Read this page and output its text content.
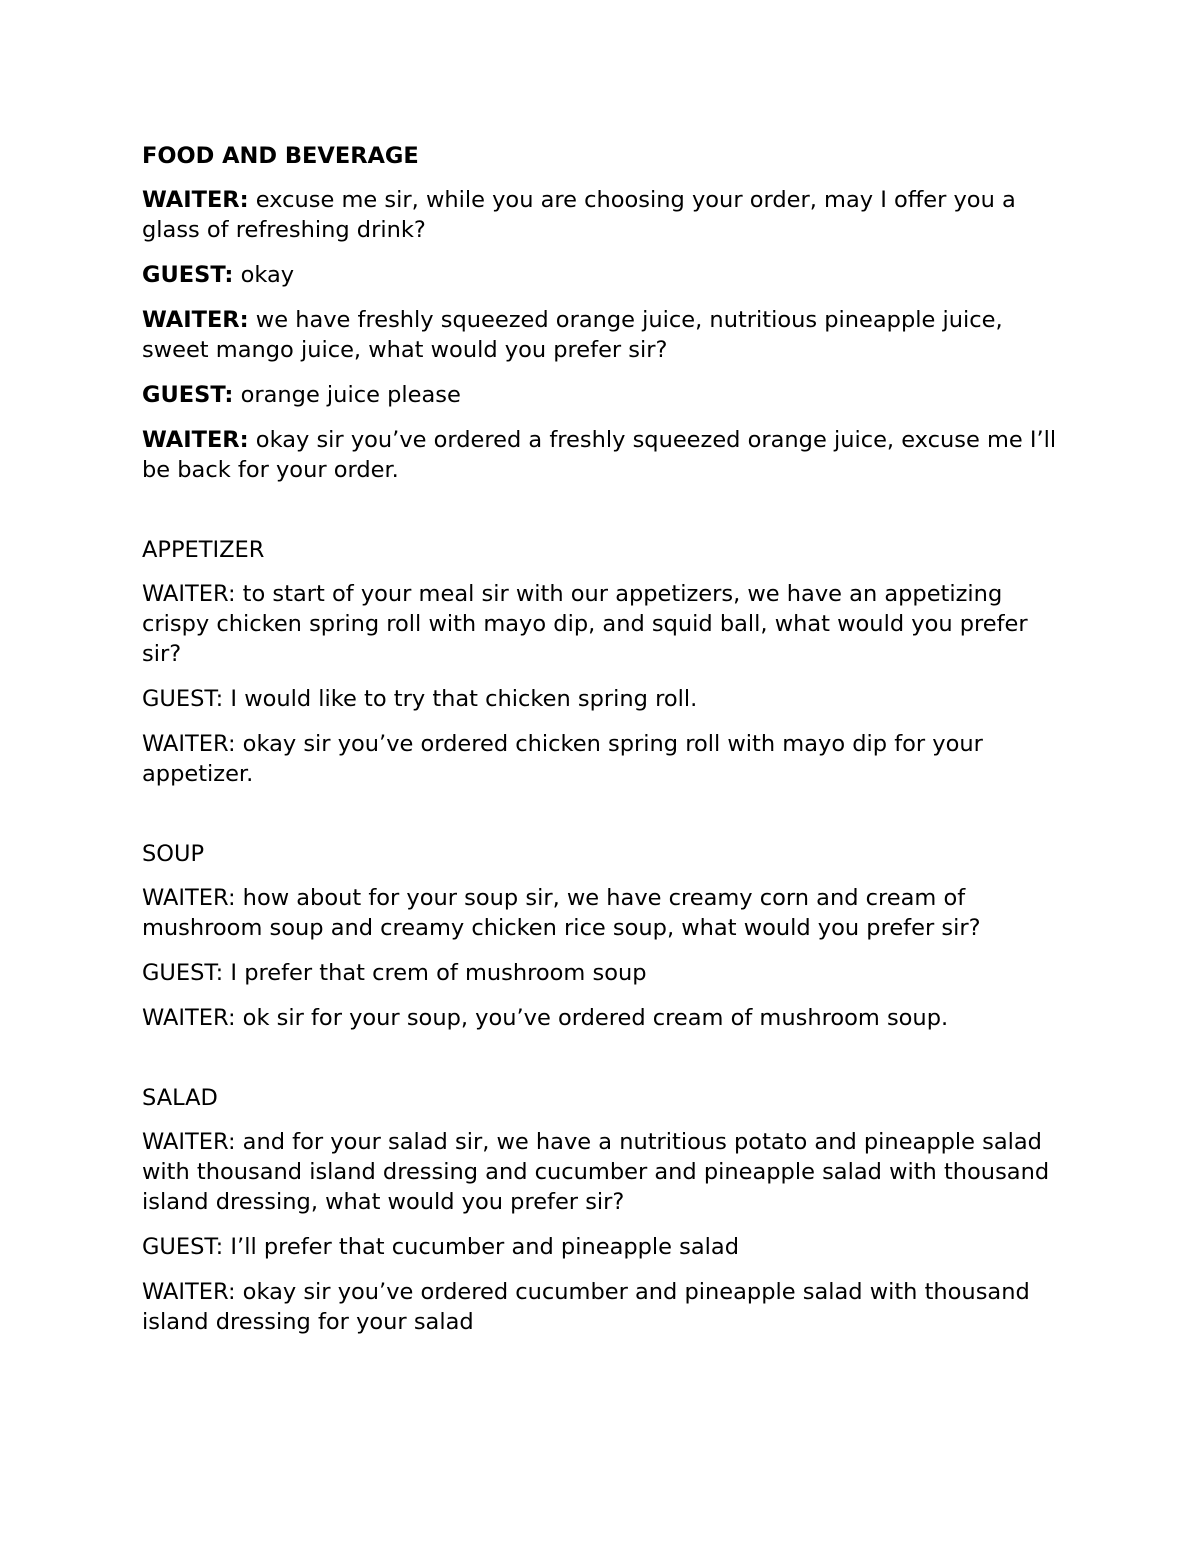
FOOD AND BEVERAGE
WAITER: excuse me sir, while you are choosing your order, may I offer you a glass of refreshing drink?
GUEST: okay
WAITER: we have freshly squeezed orange juice, nutritious pineapple juice, sweet mango juice, what would you prefer sir?
GUEST: orange juice please
WAITER: okay sir you’ve ordered a freshly squeezed orange juice, excuse me I’ll be back for your order.
APPETIZER
WAITER: to start of your meal sir with our appetizers, we have an appetizing crispy chicken spring roll with mayo dip, and squid ball, what would you prefer sir?
GUEST: I would like to try that chicken spring roll.
WAITER: okay sir you’ve ordered chicken spring roll with mayo dip for your appetizer.
SOUP
WAITER: how about for your soup sir, we have creamy corn and cream of mushroom soup and creamy chicken rice soup, what would you prefer sir?
GUEST: I prefer that crem of mushroom soup
WAITER: ok sir for your soup, you’ve ordered cream of mushroom soup.
SALAD
WAITER: and for your salad sir, we have a nutritious potato and pineapple salad with thousand island dressing and cucumber and pineapple salad with thousand island dressing, what would you prefer sir?
GUEST: I’ll prefer that cucumber and pineapple salad
WAITER: okay sir you’ve ordered cucumber and pineapple salad with thousand island dressing for your salad
